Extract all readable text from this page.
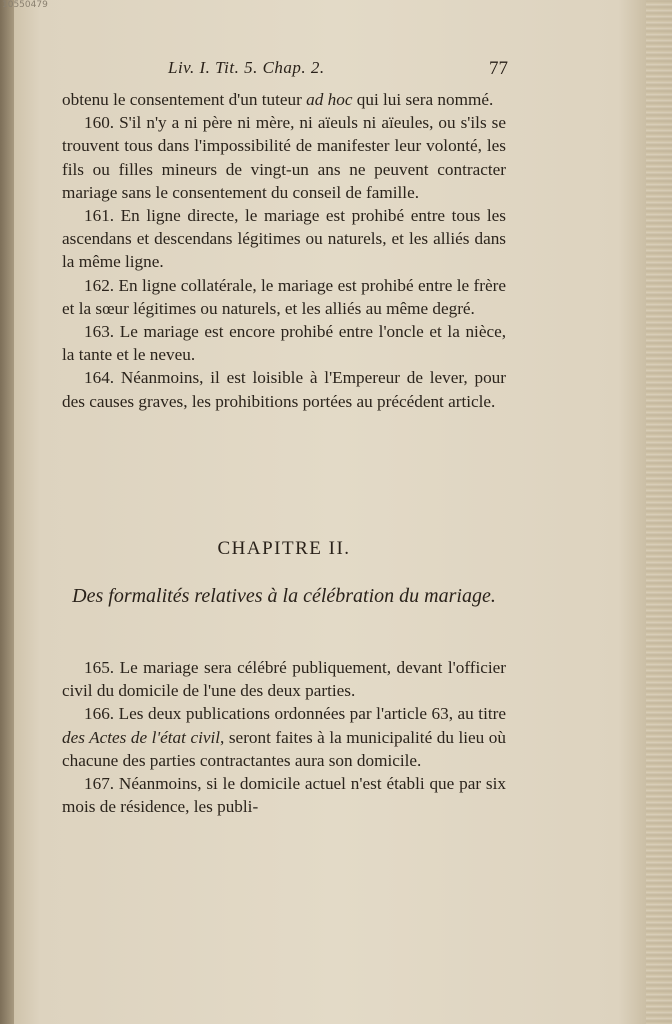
10550479
Liv. I. Tit. 5. Chap. 2.	77

obtenu le consentement d'un tuteur ad hoc qui lui sera nommé.

160. S'il n'y a ni père ni mère, ni aïeuls ni aïeules, ou s'ils se trouvent tous dans l'impossibilité de manifester leur volonté, les fils ou filles mineurs de vingt-un ans ne peuvent contracter mariage sans le consentement du conseil de famille.

161. En ligne directe, le mariage est prohibé entre tous les ascendans et descendans légitimes ou naturels, et les alliés dans la même ligne.

162. En ligne collatérale, le mariage est prohibé entre le frère et la sœur légitimes ou naturels, et les alliés au même degré.

163. Le mariage est encore prohibé entre l'oncle et la nièce, la tante et le neveu.

164. Néanmoins, il est loisible à l'Empereur de lever, pour des causes graves, les prohibitions portées au précédent article.

CHAPITRE II.
Des formalités relatives à la célébration du mariage.

165. Le mariage sera célébré publiquement, devant l'officier civil du domicile de l'une des deux parties.

166. Les deux publications ordonnées par l'article 63, au titre des Actes de l'état civil, seront faites à la municipalité du lieu où chacune des parties contractantes aura son domicile.

167. Néanmoins, si le domicile actuel n'est établi que par six mois de résidence, les publi-
